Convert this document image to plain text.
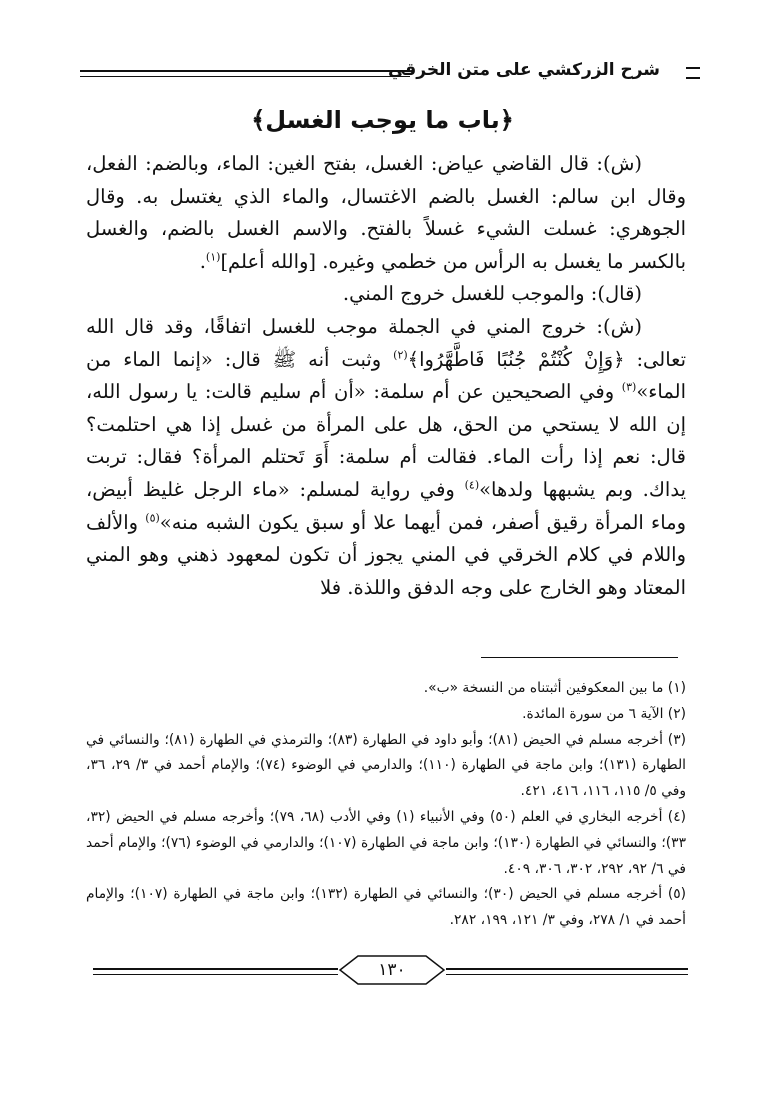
شرح الزركشي على متن الخرقي
﴿باب ما يوجب الغسل﴾

(ش): قال القاضي عياض: الغسل، بفتح الغين: الماء، وبالضم: الفعل، وقال ابن سالم: الغسل بالضم الاغتسال، والماء الذي يغتسل به. وقال الجوهري: غسلت الشيء غسلاً بالفتح. والاسم الغسل بالضم، والغسل بالكسر ما يغسل به الرأس من خطمي وغيره. [والله أعلم]$^{(١)}$.

(قال): والموجب للغسل خروج المني.

(ش): خروج المني في الجملة موجب للغسل اتفاقًا، وقد قال الله تعالى: ﴿وَإِنْ كُنْتُمْ جُنُبًا فَاطَّهَّرُوا﴾$^{(٢)}$ وثبت أنه ﷺ قال: «إنما الماء من الماء»$^{(٣)}$ وفي الصحيحين عن أم سلمة: «أن أم سليم قالت: يا رسول الله، إن الله لا يستحي من الحق، هل على المرأة من غسل إذا هي احتلمت؟ قال: نعم إذا رأت الماء. فقالت أم سلمة: أَوَ تَحتلم المرأة؟ فقال: تربت يداك. وبم يشبهها ولدها»$^{(٤)}$ وفي رواية لمسلم: «ماء الرجل غليظ أبيض، وماء المرأة رقيق أصفر، فمن أيهما علا أو سبق يكون الشبه منه»$^{(٥)}$ والألف واللام في كلام الخرقي في المني يجوز أن تكون لمعهود ذهني وهو المني المعتاد وهو الخارج على وجه الدفق واللذة. فلا

(١) ما بين المعكوفين أثبتناه من النسخة «ب».

(٢) الآية ٦ من سورة المائدة.

(٣) أخرجه مسلم في الحيض (٨١)؛ وأبو داود في الطهارة (٨٣)؛ والترمذي في الطهارة (٨١)؛ والنسائي في الطهارة (١٣١)؛ وابن ماجة في الطهارة (١١٠)؛ والدارمي في الوضوء (٧٤)؛ والإمام أحمد في ٣/ ٢٩، ٣٦، وفي ٥/ ١١٥، ١١٦، ٤١٦، ٤٢١.

(٤) أخرجه البخاري في العلم (٥٠) وفي الأنبياء (١) وفي الأدب (٦٨، ٧٩)؛ وأخرجه مسلم في الحيض (٣٢، ٣٣)؛ والنسائي في الطهارة (١٣٠)؛ وابن ماجة في الطهارة (١٠٧)؛ والدارمي في الوضوء (٧٦)؛ والإمام أحمد في ٦/ ٩٢، ٢٩٢، ٣٠٢، ٣٠٦، ٤٠٩.

(٥) أخرجه مسلم في الحيض (٣٠)؛ والنسائي في الطهارة (١٣٢)؛ وابن ماجة في الطهارة (١٠٧)؛ والإمام أحمد في ١/ ٢٧٨، وفي ٣/ ١٢١، ١٩٩، ٢٨٢.

١٣٠
